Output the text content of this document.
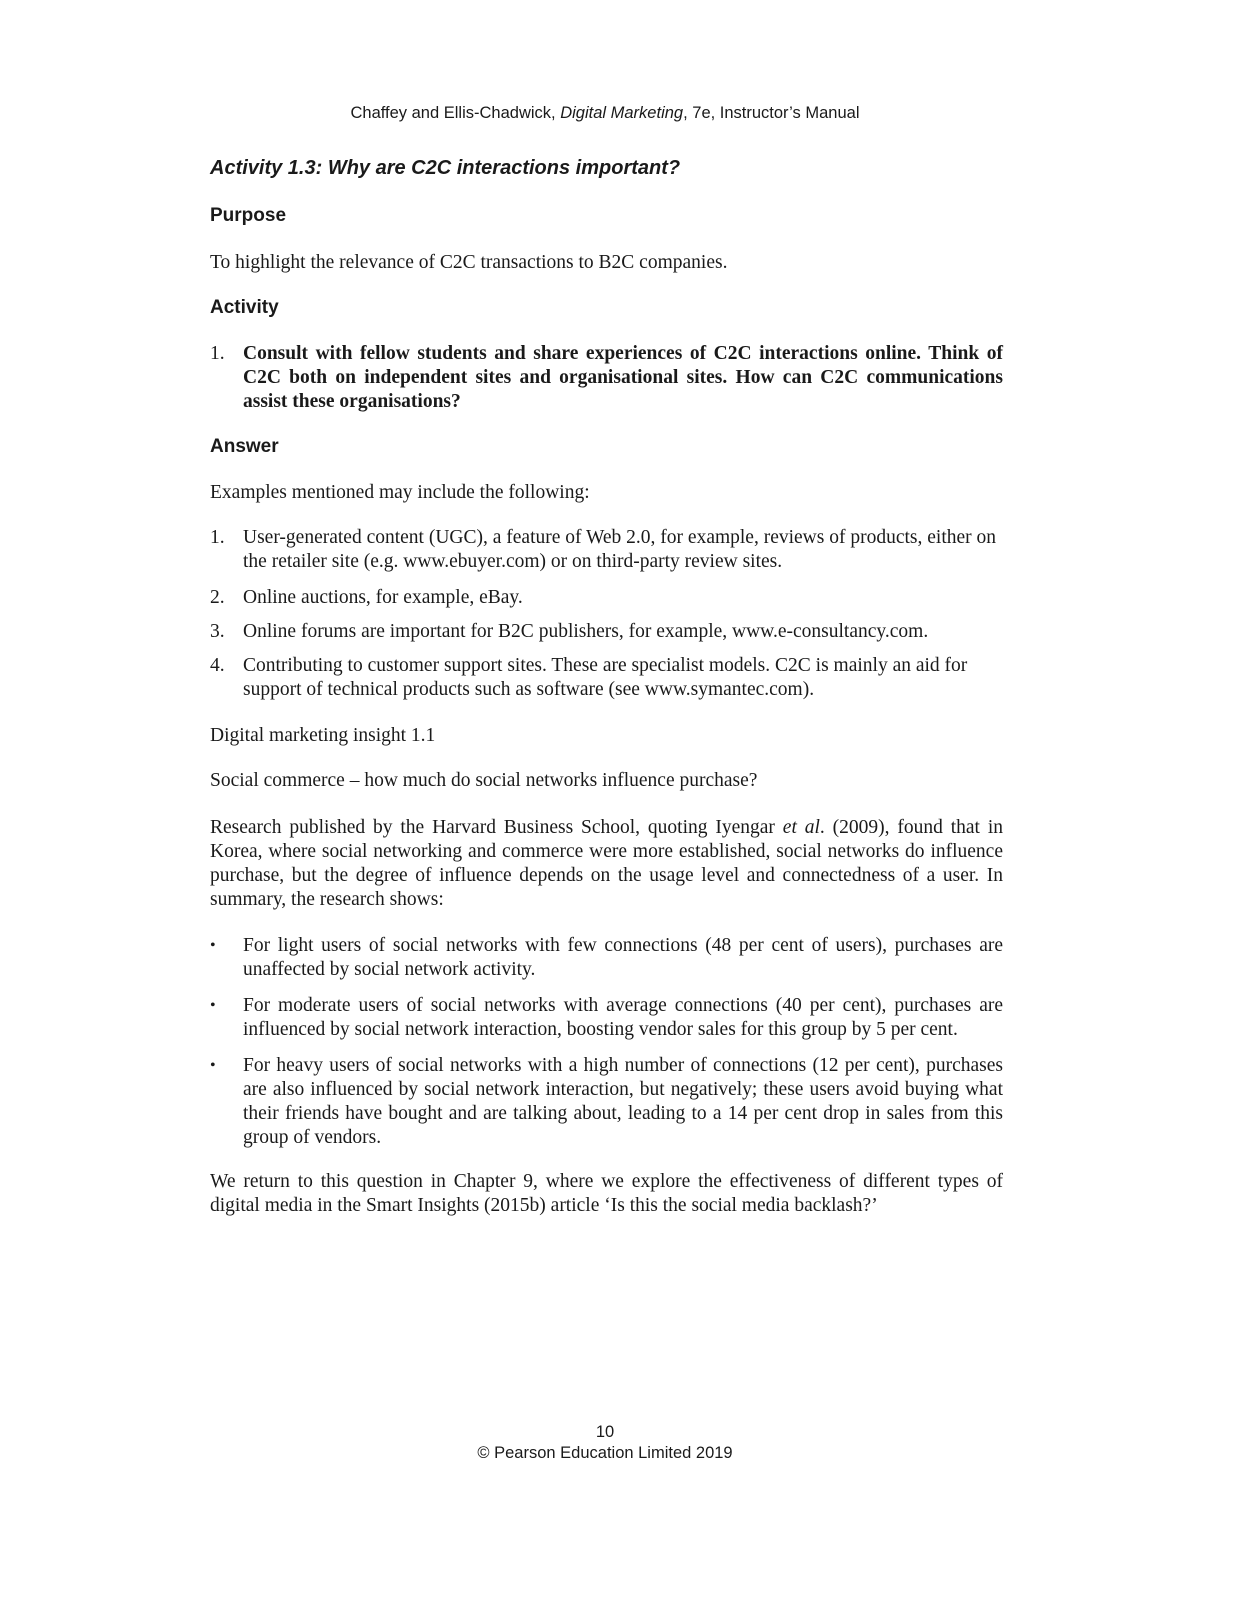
Chaffey and Ellis-Chadwick, Digital Marketing, 7e, Instructor’s Manual
Activity 1.3: Why are C2C interactions important?
Purpose

To highlight the relevance of C2C transactions to B2C companies.

Activity
1. Consult with fellow students and share experiences of C2C interactions online. Think of C2C both on independent sites and organisational sites. How can C2C communications assist these organisations?
Answer

Examples mentioned may include the following:

1. User-generated content (UGC), a feature of Web 2.0, for example, reviews of products, either on the retailer site (e.g. www.ebuyer.com) or on third-party review sites.
2. Online auctions, for example, eBay.
3. Online forums are important for B2C publishers, for example, www.e-consultancy.com.
4. Contributing to customer support sites. These are specialist models. C2C is mainly an aid for support of technical products such as software (see www.symantec.com).

Digital marketing insight 1.1

Social commerce – how much do social networks influence purchase?

Research published by the Harvard Business School, quoting Iyengar et al. (2009), found that in Korea, where social networking and commerce were more established, social networks do influence purchase, but the degree of influence depends on the usage level and connectedness of a user. In summary, the research shows:

•	For light users of social networks with few connections (48 per cent of users), purchases are unaffected by social network activity.
•	For moderate users of social networks with average connections (40 per cent), purchases are influenced by social network interaction, boosting vendor sales for this group by 5 per cent.
•	For heavy users of social networks with a high number of connections (12 per cent), purchases are also influenced by social network interaction, but negatively; these users avoid buying what their friends have bought and are talking about, leading to a 14 per cent drop in sales from this group of vendors.

We return to this question in Chapter 9, where we explore the effectiveness of different types of digital media in the Smart Insights (2015b) article ‘Is this the social media backlash?’

10
© Pearson Education Limited 2019
